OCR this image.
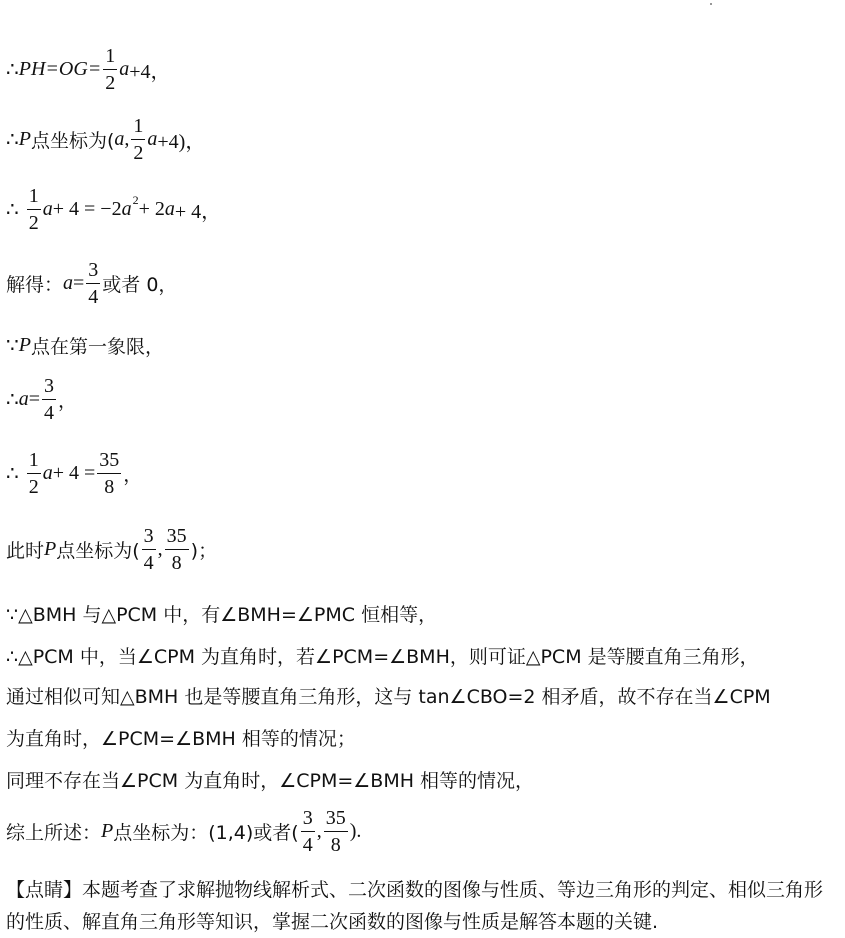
∴ $PH=OG= \frac{1}{2}$ a +4，
∴ P 点坐标为( a , $\frac{1}{2}$ a +4)，
∴ $\frac{1}{2}$ a + 4 = −2 a 2 + 2 a + 4，
解得： $a = \frac{3}{4}$ 或者 0，
∵ P 点在第一象限，
∴ $a = \frac{3}{4}$ ，
∴ $\frac{1}{2}$ $a + 4 = \frac{35}{8}$ ，
此时 P 点坐标为( $\frac{3}{4}$ , $\frac{35}{8}$ )；
∵△BMH 与△PCM 中，有∠BMH=∠PMC 恒相等，
∴△PCM 中，当∠CPM 为直角时，若∠PCM=∠BMH，则可证△PCM 是等腰直角三角形，
通过相似可知△BMH 也是等腰直角三角形，这与 tan∠CBO=2 相矛盾，故不存在当∠CPM
为直角时，∠PCM=∠BMH 相等的情况；
同理不存在当∠PCM 为直角时，∠CPM=∠BMH 相等的情况，
综上所述： P 点坐标为：(1,4)或者( $\frac{3}{4}$ , $\frac{35}{8}$ ).
【点睛】本题考查了求解抛物线解析式、二次函数的图像与性质、等边三角形的判定、相似三角形的性质、解直角三角形等知识，掌握二次函数的图像与性质是解答本题的关键.
